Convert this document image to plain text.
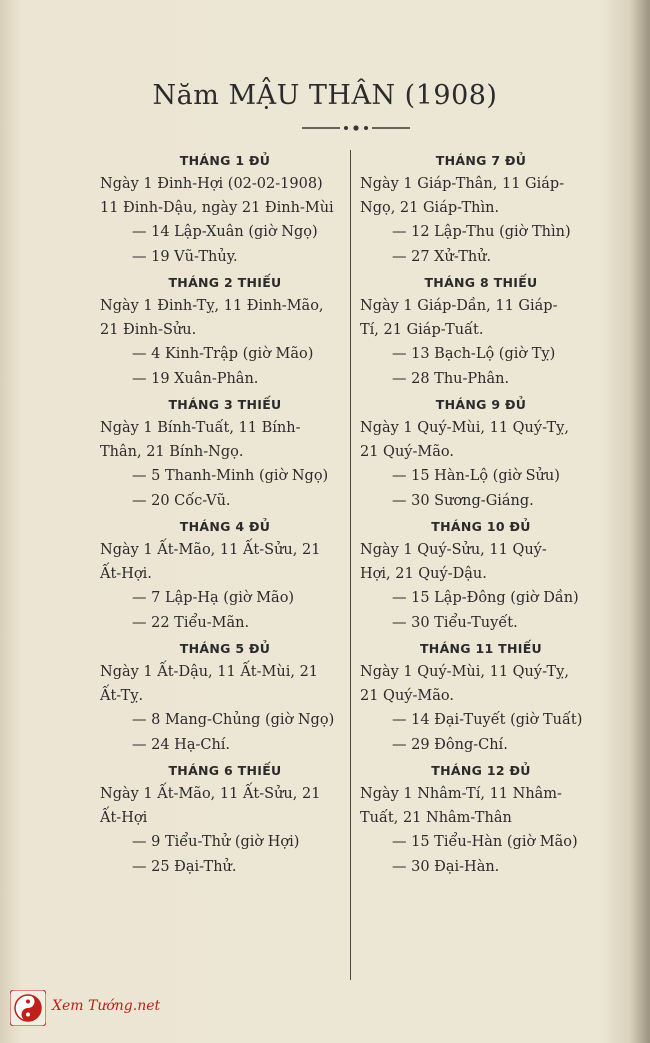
Năm MẬU THÂN (1908)
THÁNG 1 ĐỦ
Ngày 1 Đinh-Hợi (02-02-1908)
11 Đinh-Dậu, ngày 21 Đinh-Mùi
— 14 Lập-Xuân (giờ Ngọ)
— 19 Vũ-Thủy.
THÁNG 2 THIẾU
Ngày 1 Đinh-Tỵ, 11 Đinh-Mão,
21 Đinh-Sửu.
— 4 Kinh-Trập (giờ Mão)
— 19 Xuân-Phân.
THÁNG 3 THIẾU
Ngày 1 Bính-Tuất, 11 Bính-
Thân, 21 Bính-Ngọ.
— 5 Thanh-Minh (giờ Ngọ)
— 20 Cốc-Vũ.
THÁNG 4 ĐỦ
Ngày 1 Ất-Mão, 11 Ất-Sửu, 21
Ất-Hợi.
— 7 Lập-Hạ (giờ Mão)
— 22 Tiểu-Mãn.
THÁNG 5 ĐỦ
Ngày 1 Ất-Dậu, 11 Ất-Mùi, 21
Ất-Tỵ.
— 8 Mang-Chủng (giờ Ngọ)
— 24 Hạ-Chí.
THÁNG 6 THIẾU
Ngày 1 Ất-Mão, 11 Ất-Sửu, 21
Ất-Hợi
— 9 Tiểu-Thử (giờ Hợi)
— 25 Đại-Thử.
THÁNG 7 ĐỦ
Ngày 1 Giáp-Thân, 11 Giáp-
Ngọ, 21 Giáp-Thìn.
— 12 Lập-Thu (giờ Thìn)
— 27 Xử-Thử.
THÁNG 8 THIẾU
Ngày 1 Giáp-Dần, 11 Giáp-
Tí, 21 Giáp-Tuất.
— 13 Bạch-Lộ (giờ Tỵ)
— 28 Thu-Phân.
THÁNG 9 ĐỦ
Ngày 1 Quý-Mùi, 11 Quý-Tỵ,
21 Quý-Mão.
— 15 Hàn-Lộ (giờ Sửu)
— 30 Sương-Giáng.
THÁNG 10 ĐỦ
Ngày 1 Quý-Sửu, 11 Quý-
Hợi, 21 Quý-Dậu.
— 15 Lập-Đông (giờ Dần)
— 30 Tiểu-Tuyết.
THÁNG 11 THIẾU
Ngày 1 Quý-Mùi, 11 Quý-Tỵ,
21 Quý-Mão.
— 14 Đại-Tuyết (giờ Tuất)
— 29 Đông-Chí.
THÁNG 12 ĐỦ
Ngày 1 Nhâm-Tí, 11 Nhâm-
Tuất, 21 Nhâm-Thân
— 15 Tiểu-Hàn (giờ Mão)
— 30 Đại-Hàn.
Xem Tướng.net
